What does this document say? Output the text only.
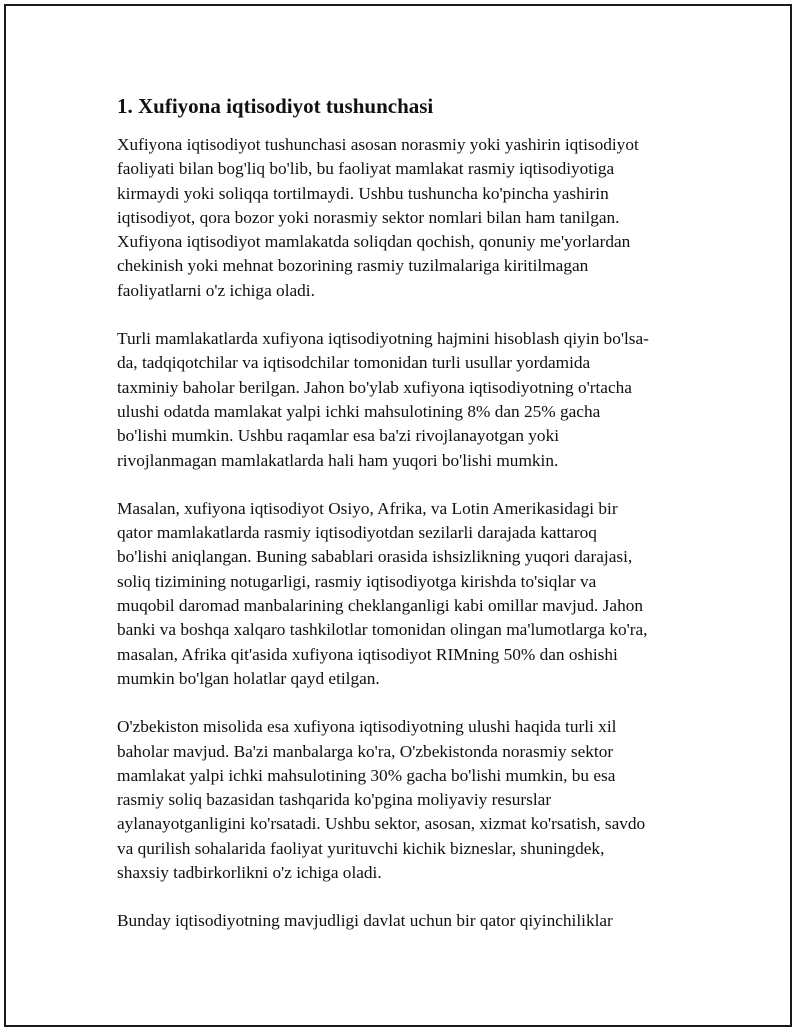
1. Xufiyona iqtisodiyot tushunchasi

Xufiyona iqtisodiyot tushunchasi asosan norasmiy yoki yashirin iqtisodiyot
faoliyati bilan bog'liq bo'lib, bu faoliyat mamlakat rasmiy iqtisodiyotiga
kirmaydi yoki soliqqa tortilmaydi. Ushbu tushuncha ko'pincha yashirin
iqtisodiyot, qora bozor yoki norasmiy sektor nomlari bilan ham tanilgan.
Xufiyona iqtisodiyot mamlakatda soliqdan qochish, qonuniy me'yorlardan
chekinish yoki mehnat bozorining rasmiy tuzilmalariga kiritilmagan
faoliyatlarni o'z ichiga oladi.

Turli mamlakatlarda xufiyona iqtisodiyotning hajmini hisoblash qiyin bo'lsa-
da, tadqiqotchilar va iqtisodchilar tomonidan turli usullar yordamida
taxminiy baholar berilgan. Jahon bo'ylab xufiyona iqtisodiyotning o'rtacha
ulushi odatda mamlakat yalpi ichki mahsulotining 8% dan 25% gacha
bo'lishi mumkin. Ushbu raqamlar esa ba'zi rivojlanayotgan yoki
rivojlanmagan mamlakatlarda hali ham yuqori bo'lishi mumkin.

Masalan, xufiyona iqtisodiyot Osiyo, Afrika, va Lotin Amerikasidagi bir
qator mamlakatlarda rasmiy iqtisodiyotdan sezilarli darajada kattaroq
bo'lishi aniqlangan. Buning sabablari orasida ishsizlikning yuqori darajasi,
soliq tizimining notugarligi, rasmiy iqtisodiyotga kirishda to'siqlar va
muqobil daromad manbalarining cheklanganligi kabi omillar mavjud. Jahon
banki va boshqa xalqaro tashkilotlar tomonidan olingan ma'lumotlarga ko'ra,
masalan, Afrika qit'asida xufiyona iqtisodiyot RIMning 50% dan oshishi
mumkin bo'lgan holatlar qayd etilgan.

O'zbekiston misolida esa xufiyona iqtisodiyotning ulushi haqida turli xil
baholar mavjud. Ba'zi manbalarga ko'ra, O'zbekistonda norasmiy sektor
mamlakat yalpi ichki mahsulotining 30% gacha bo'lishi mumkin, bu esa
rasmiy soliq bazasidan tashqarida ko'pgina moliyaviy resurslar
aylanayotganligini ko'rsatadi. Ushbu sektor, asosan, xizmat ko'rsatish, savdo
va qurilish sohalarida faoliyat yurituvchi kichik bizneslar, shuningdek,
shaxsiy tadbirkorlikni o'z ichiga oladi.

Bunday iqtisodiyotning mavjudligi davlat uchun bir qator qiyinchiliklar
